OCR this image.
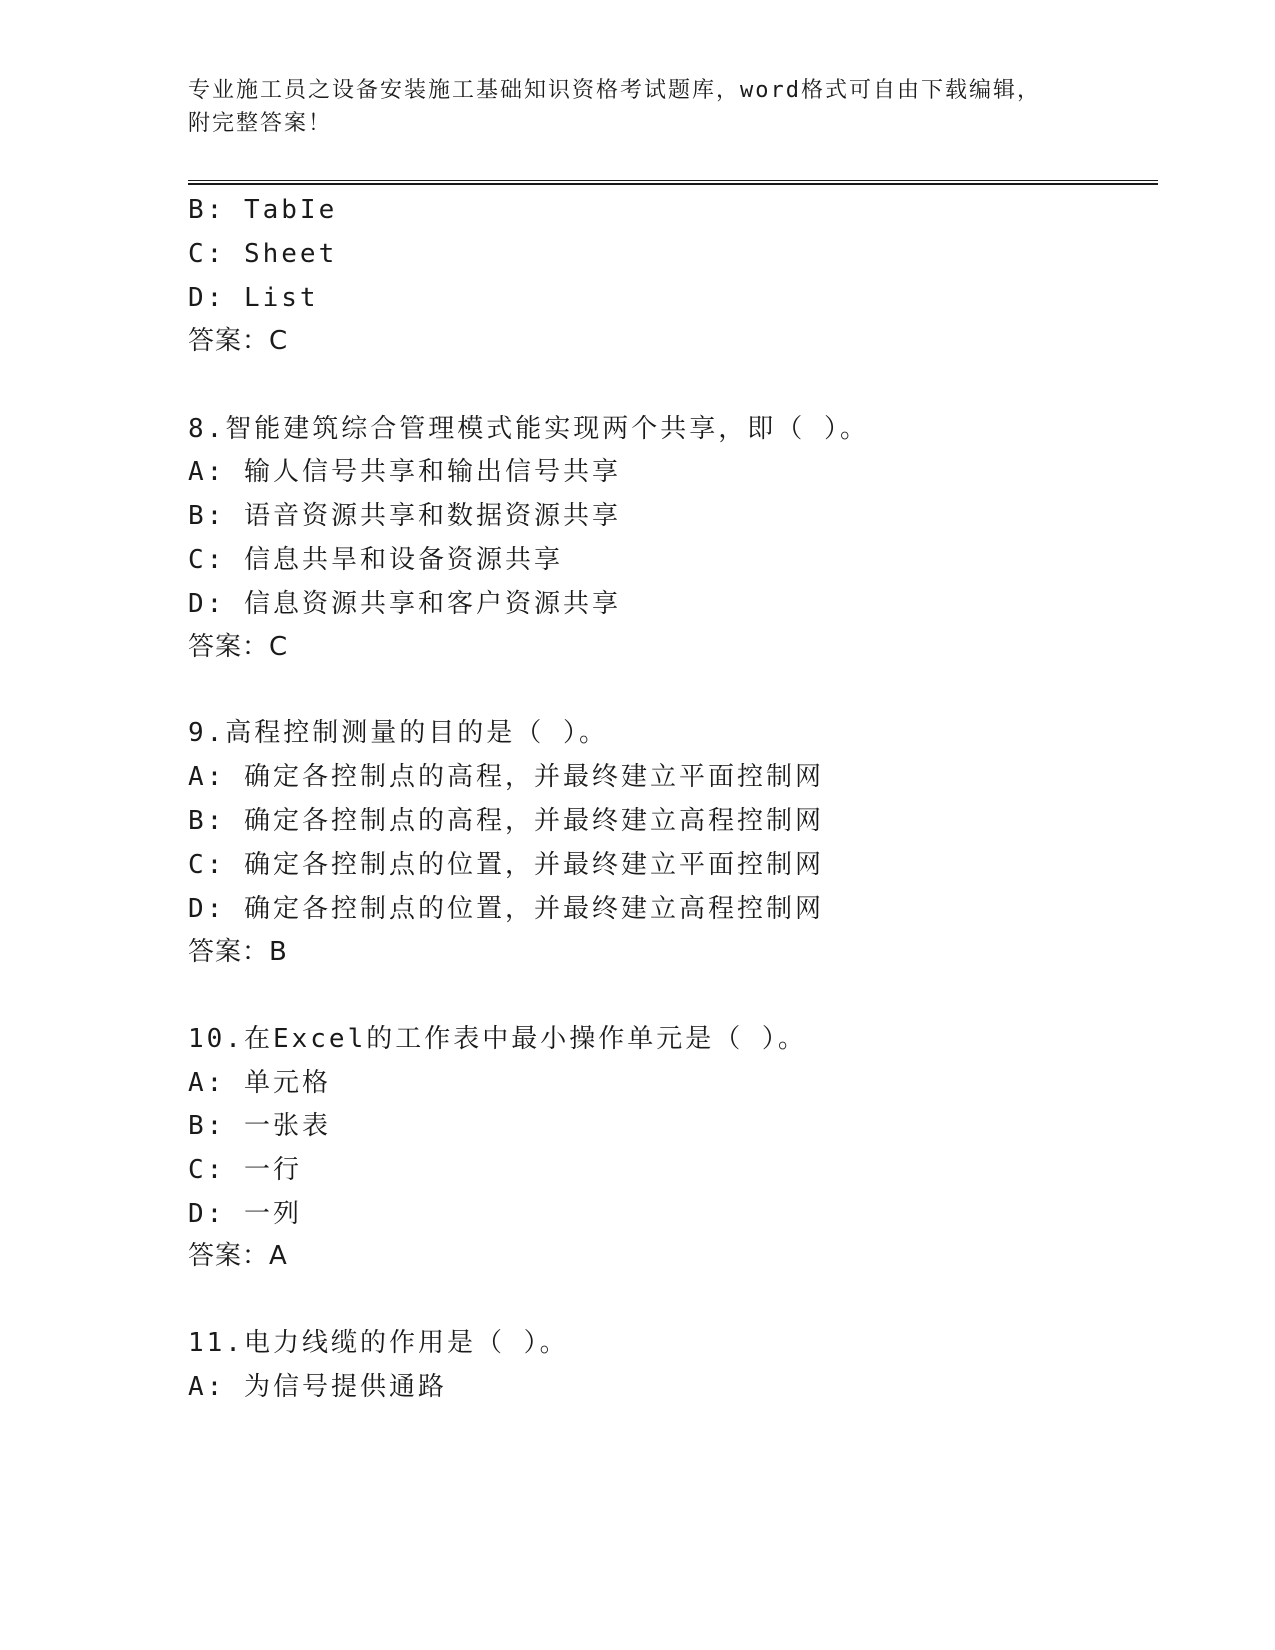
专业施工员之设备安装施工基础知识资格考试题库，word格式可自由下载编辑，
附完整答案！
B: TabIe
C: Sheet
D: List
答案：C
8.智能建筑综合管理模式能实现两个共享，即（ ）。
A: 输人信号共享和输出信号共享
B: 语音资源共享和数据资源共享
C: 信息共旱和设备资源共享
D: 信息资源共享和客户资源共享
答案：C
9.高程控制测量的目的是（ ）。
A: 确定各控制点的高程，并最终建立平面控制网
B: 确定各控制点的高程，并最终建立高程控制网
C: 确定各控制点的位置，并最终建立平面控制网
D: 确定各控制点的位置，并最终建立高程控制网
答案：B
10.在Excel的工作表中最小操作单元是（ ）。
A: 单元格
B: 一张表
C: 一行
D: 一列
答案：A
11.电力线缆的作用是（ ）。
A: 为信号提供通路
